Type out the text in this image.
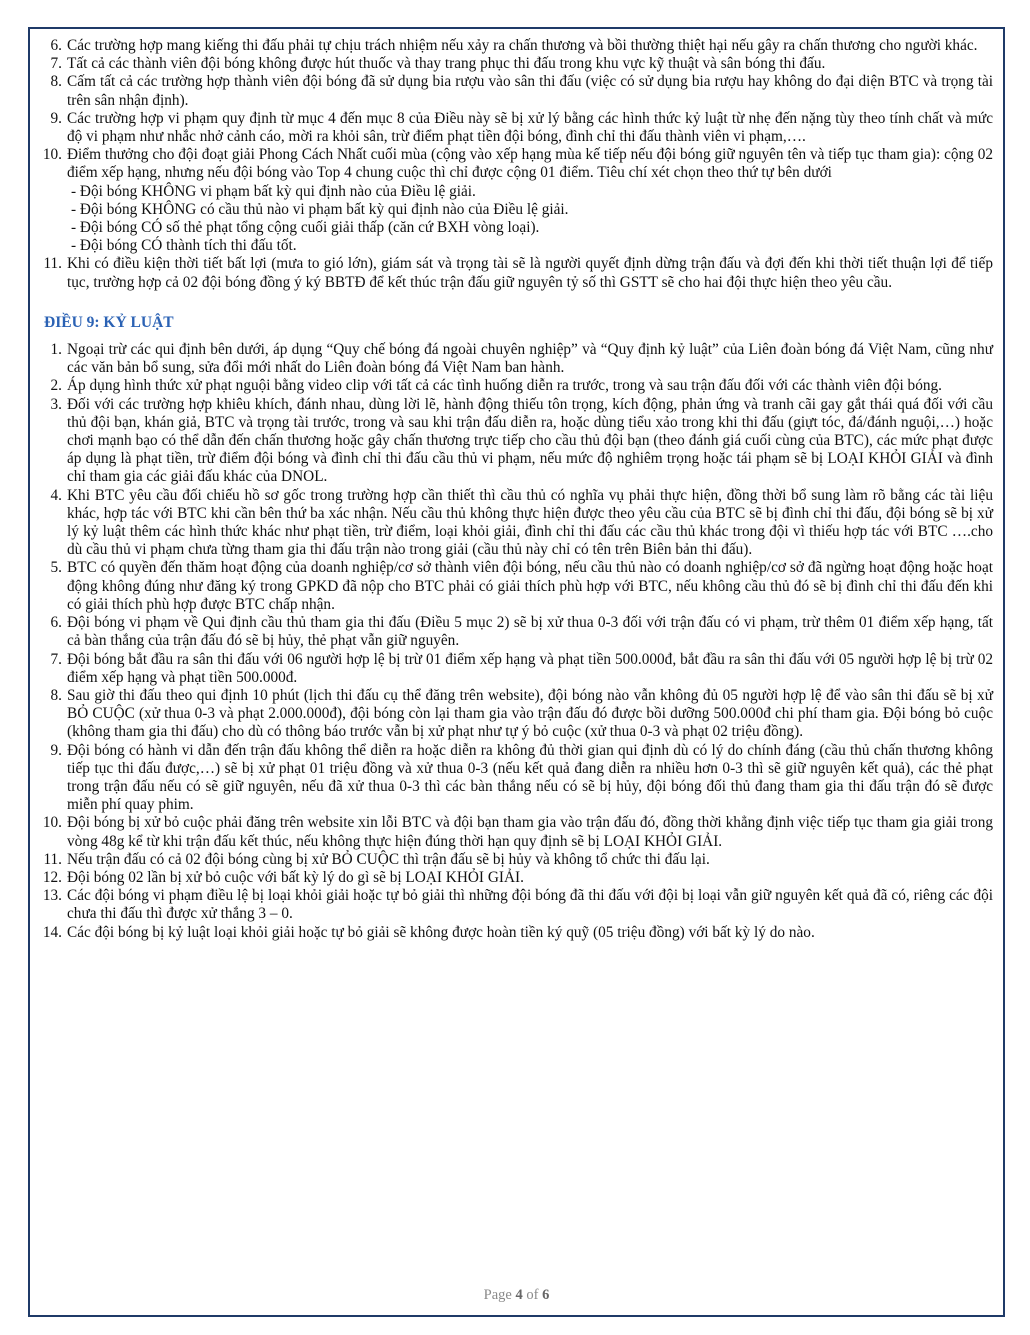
6. Các trường hợp mang kiếng thi đấu phải tự chịu trách nhiệm nếu xảy ra chấn thương và bồi thường thiệt hại nếu gây ra chấn thương cho người khác.
7. Tất cả các thành viên đội bóng không được hút thuốc và thay trang phục thi đấu trong khu vực kỹ thuật và sân bóng thi đấu.
8. Cấm tất cả các trường hợp thành viên đội bóng đã sử dụng bia rượu vào sân thi đấu (việc có sử dụng bia rượu hay không do đại diện BTC và trọng tài trên sân nhận định).
9. Các trường hợp vi phạm quy định từ mục 4 đến mục 8 của Điều này sẽ bị xử lý bằng các hình thức kỷ luật từ nhẹ đến nặng tùy theo tính chất và mức độ vi phạm như nhắc nhở cảnh cáo, mời ra khỏi sân, trừ điểm phạt tiền đội bóng, đình chỉ thi đấu thành viên vi phạm,….
10. Điểm thưởng cho đội đoạt giải Phong Cách Nhất cuối mùa (cộng vào xếp hạng mùa kế tiếp nếu đội bóng giữ nguyên tên và tiếp tục tham gia): cộng 02 điểm xếp hạng, nhưng nếu đội bóng vào Top 4 chung cuộc thì chỉ được cộng 01 điểm. Tiêu chí xét chọn theo thứ tự bên dưới
- Đội bóng KHÔNG vi phạm bất kỳ qui định nào của Điều lệ giải.
- Đội bóng KHÔNG có cầu thủ nào vi phạm bất kỳ qui định nào của Điều lệ giải.
- Đội bóng CÓ số thẻ phạt tổng cộng cuối giải thấp (căn cứ BXH vòng loại).
- Đội bóng CÓ thành tích thi đấu tốt.
11. Khi có điều kiện thời tiết bất lợi (mưa to gió lớn), giám sát và trọng tài sẽ là người quyết định dừng trận đấu và đợi đến khi thời tiết thuận lợi để tiếp tục, trường hợp cả 02 đội bóng đồng ý ký BBTĐ để kết thúc trận đấu giữ nguyên tỷ số thì GSTT sẽ cho hai đội thực hiện theo yêu cầu.
ĐIỀU 9: KỶ LUẬT
1. Ngoại trừ các qui định bên dưới, áp dụng “Quy chế bóng đá ngoài chuyên nghiệp” và “Quy định kỷ luật” của Liên đoàn bóng đá Việt Nam, cũng như các văn bản bổ sung, sửa đổi mới nhất do Liên đoàn bóng đá Việt Nam ban hành.
2. Áp dụng hình thức xử phạt nguội bằng video clip với tất cả các tình huống diễn ra trước, trong và sau trận đấu đối với các thành viên đội bóng.
3. Đối với các trường hợp khiêu khích, đánh nhau, dùng lời lẽ, hành động thiếu tôn trọng, kích động, phản ứng và tranh cãi gay gắt thái quá đối với cầu thủ đội bạn, khán giả, BTC và trọng tài trước, trong và sau khi trận đấu diễn ra, hoặc dùng tiểu xảo trong khi thi đấu (giựt tóc, đá/đánh nguội,…) hoặc chơi mạnh bạo có thể dẫn đến chấn thương hoặc gây chấn thương trực tiếp cho cầu thủ đội bạn (theo đánh giá cuối cùng của BTC), các mức phạt được áp dụng là phạt tiền, trừ điểm đội bóng và đình chỉ thi đấu cầu thủ vi phạm, nếu mức độ nghiêm trọng hoặc tái phạm sẽ bị LOẠI KHỎI GIẢI và đình chỉ tham gia các giải đấu khác của DNOL.
4. Khi BTC yêu cầu đối chiếu hồ sơ gốc trong trường hợp cần thiết thì cầu thủ có nghĩa vụ phải thực hiện, đồng thời bổ sung làm rõ bằng các tài liệu khác, hợp tác với BTC khi cần bên thứ ba xác nhận. Nếu cầu thủ không thực hiện được theo yêu cầu của BTC sẽ bị đình chỉ thi đấu, đội bóng sẽ bị xử lý kỷ luật thêm các hình thức khác như phạt tiền, trừ điểm, loại khỏi giải, đình chỉ thi đấu các cầu thủ khác trong đội vì thiếu hợp tác với BTC ….cho dù cầu thủ vi phạm chưa từng tham gia thi đấu trận nào trong giải (cầu thủ này chỉ có tên trên Biên bản thi đấu).
5. BTC có quyền đến thăm hoạt động của doanh nghiệp/cơ sở thành viên đội bóng, nếu cầu thủ nào có doanh nghiệp/cơ sở đã ngừng hoạt động hoặc hoạt động không đúng như đăng ký trong GPKD đã nộp cho BTC phải có giải thích phù hợp với BTC, nếu không cầu thủ đó sẽ bị đình chỉ thi đấu đến khi có giải thích phù hợp được BTC chấp nhận.
6. Đội bóng vi phạm về Qui định cầu thủ tham gia thi đấu (Điều 5 mục 2) sẽ bị xử thua 0-3 đối với trận đấu có vi phạm, trừ thêm 01 điểm xếp hạng, tất cả bàn thắng của trận đấu đó sẽ bị hủy, thẻ phạt vẫn giữ nguyên.
7. Đội bóng bắt đầu ra sân thi đấu với 06 người hợp lệ bị trừ 01 điểm xếp hạng và phạt tiền 500.000đ, bắt đầu ra sân thi đấu với 05 người hợp lệ bị trừ 02 điểm xếp hạng và phạt tiền 500.000đ.
8. Sau giờ thi đấu theo qui định 10 phút (lịch thi đấu cụ thể đăng trên website), đội bóng nào vẫn không đủ 05 người hợp lệ để vào sân thi đấu sẽ bị xử BỎ CUỘC (xử thua 0-3 và phạt 2.000.000đ), đội bóng còn lại tham gia vào trận đấu đó được bồi dưỡng 500.000đ chi phí tham gia. Đội bóng bỏ cuộc (không tham gia thi đấu) cho dù có thông báo trước vẫn bị xử phạt như tự ý bỏ cuộc (xử thua 0-3 và phạt 02 triệu đồng).
9. Đội bóng có hành vi dẫn đến trận đấu không thể diễn ra hoặc diễn ra không đủ thời gian qui định dù có lý do chính đáng (cầu thủ chấn thương không tiếp tục thi đấu được,…) sẽ bị xử phạt 01 triệu đồng và xử thua 0-3 (nếu kết quả đang diễn ra nhiều hơn 0-3 thì sẽ giữ nguyên kết quả), các thẻ phạt trong trận đấu nếu có sẽ giữ nguyên, nếu đã xử thua 0-3 thì các bàn thắng nếu có sẽ bị hủy, đội bóng đối thủ đang tham gia thi đấu trận đó sẽ được miễn phí quay phim.
10. Đội bóng bị xử bỏ cuộc phải đăng trên website xin lỗi BTC và đội bạn tham gia vào trận đấu đó, đồng thời khẳng định việc tiếp tục tham gia giải trong vòng 48g kể từ khi trận đấu kết thúc, nếu không thực hiện đúng thời hạn quy định sẽ bị LOẠI KHỎI GIẢI.
11. Nếu trận đấu có cả 02 đội bóng cùng bị xử BỎ CUỘC thì trận đấu sẽ bị hủy và không tổ chức thi đấu lại.
12. Đội bóng 02 lần bị xử bỏ cuộc với bất kỳ lý do gì sẽ bị LOẠI KHỎI GIẢI.
13. Các đội bóng vi phạm điều lệ bị loại khỏi giải hoặc tự bỏ giải thì những đội bóng đã thi đấu với đội bị loại vẫn giữ nguyên kết quả đã có, riêng các đội chưa thi đấu thì được xử thắng 3 – 0.
14. Các đội bóng bị kỷ luật loại khỏi giải hoặc tự bỏ giải sẽ không được hoàn tiền ký quỹ (05 triệu đồng) với bất kỳ lý do nào.
Page 4 of 6
